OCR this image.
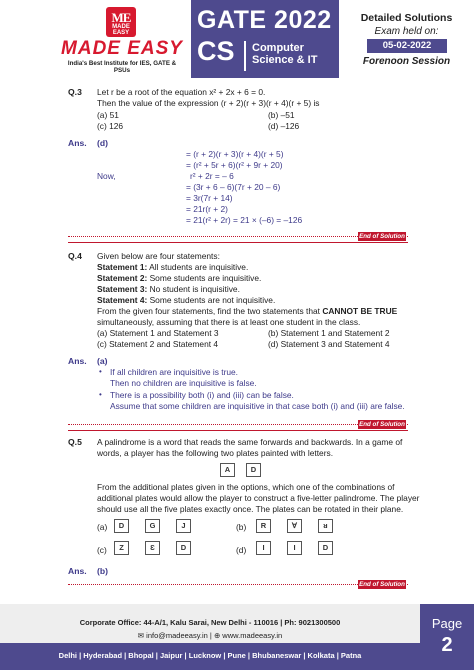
ME
MADE EASY
MADE EASY
India's Best Institute for IES, GATE & PSUs
GATE 2022
CS Computer
Science & IT
Detailed Solutions
Exam held on:
05-02-2022
Forenoon Session
Q.3 Let r be a root of the equation x² + 2x + 6 = 0.
Then the value of the expression (r + 2)(r + 3)(r + 4)(r + 5) is
(a) 51	(b) –51
(c) 126	(d) –126
Ans. (d)
= (r + 2)(r + 3)(r + 4)(r + 5)
= (r² + 5r + 6)(r² + 9r + 20)
Now,	r² + 2r = – 6
= (3r + 6 – 6)(7r + 20 – 6)
= 3r(7r + 14)
= 21r(r + 2)
= 21(r² + 2r) = 21 × (–6) = –126
End of Solution
Q.4 Given below are four statements:
Statement 1: All students are inquisitive.
Statement 2: Some students are inquisitive.
Statement 3: No student is inquisitive.
Statement 4: Some students are not inquisitive.
From the given four statements, find the two statements that CANNOT BE TRUE
simultaneously, assuming that there is at least one student in the class.
(a) Statement 1 and Statement 3	(b) Statement 1 and Statement 2
(c) Statement 2 and Statement 4	(d) Statement 3 and Statement 4
Ans. (a)
• If all children are inquisitive is true.
Then no children are inquisitive is false.
• There is a possibility both (i) and (iii) can be false.
Assume that some children are inquisitive in that case both (i) and (iii) are false.
End of Solution
Q.5 A palindrome is a word that reads the same forwards and backwards. In a game of
words, a player has the following two plates painted with letters.
A	D
From the additional plates given in the options, which one of the combinations of
additional plates would allow the player to construct a five-letter palindrome. The player
should use all the five plates exactly once. The plates can be rotated in their plane.
(a)	D	G	J	(b)	R	∀	ᴚ
(c)	Z	Ɛ	D	(d)	I	I	D
Ans. (b)
End of Solution
Corporate Office: 44-A/1, Kalu Sarai, New Delhi - 110016 | Ph: 9021300500
✉ info@madeeasy.in | ⊕ www.madeeasy.in
Delhi | Hyderabad | Bhopal | Jaipur | Lucknow | Pune | Bhubaneswar | Kolkata | Patna
Page
2
